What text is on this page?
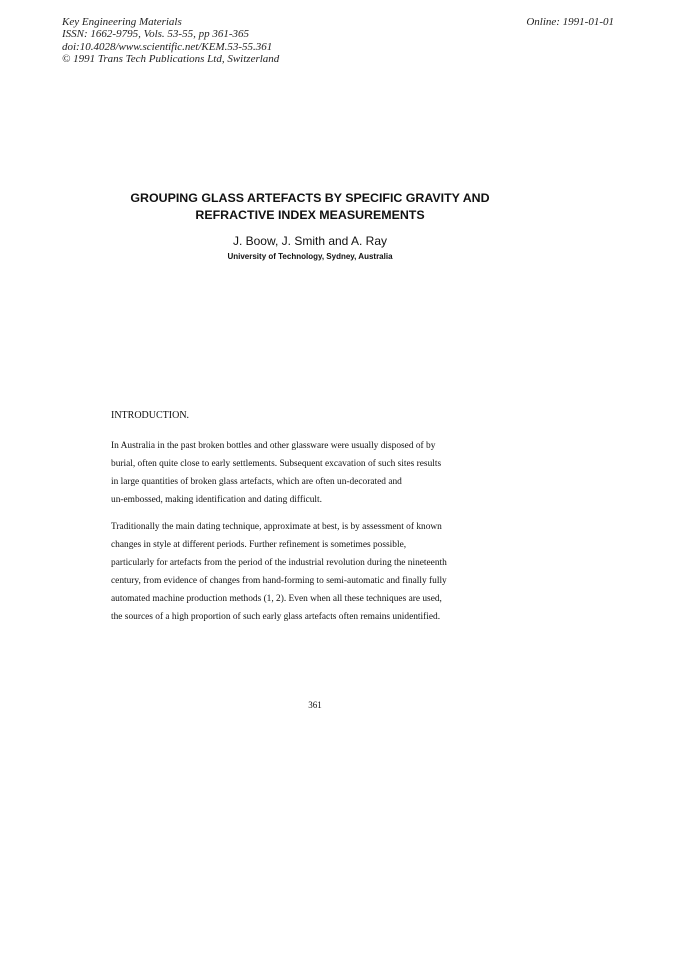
Key Engineering Materials
ISSN: 1662-9795, Vols. 53-55, pp 361-365
doi:10.4028/www.scientific.net/KEM.53-55.361
© 1991 Trans Tech Publications Ltd, Switzerland
Online: 1991-01-01
GROUPING GLASS ARTEFACTS BY SPECIFIC GRAVITY AND
REFRACTIVE INDEX MEASUREMENTS
J. Boow, J. Smith and A. Ray
University of Technology, Sydney, Australia
INTRODUCTION.
In Australia in the past broken bottles and other glassware were usually disposed of by
burial, often quite close to early settlements. Subsequent excavation of such sites results
in large quantities of broken glass artefacts, which are often un-decorated and
un-embossed, making identification and dating difficult.
Traditionally the main dating technique, approximate at best, is by assessment of known
changes in style at different periods. Further refinement is sometimes possible,
particularly for artefacts from the period of the industrial revolution during the nineteenth
century, from evidence of changes from hand-forming to semi-automatic and finally fully
automated machine production methods (1, 2). Even when all these techniques are used,
the sources of a high proportion of such early glass artefacts often remains unidentified.
361
